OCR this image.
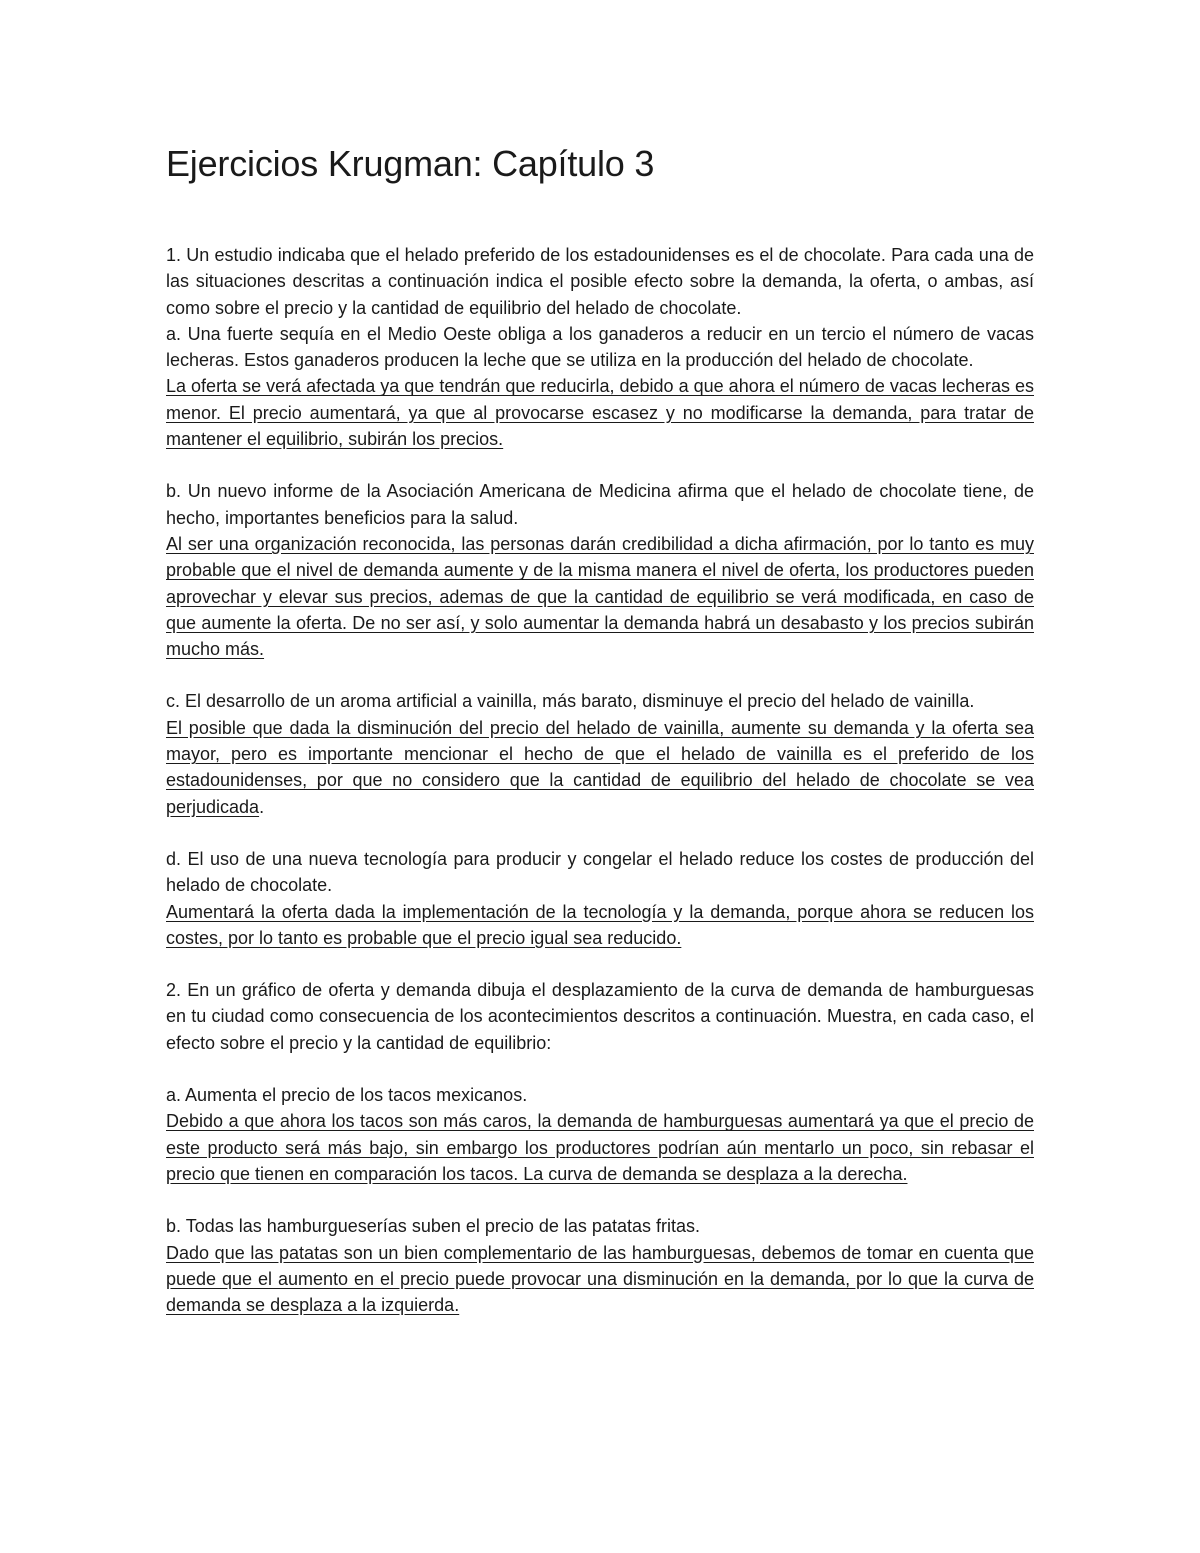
Ejercicios Krugman: Capítulo 3

1. Un estudio indicaba que el helado preferido de los estadounidenses es el de chocolate. Para cada una de las situaciones descritas a continuación indica el posible efecto sobre la demanda, la oferta, o ambas, así como sobre el precio y la cantidad de equilibrio del helado de chocolate.

a. Una fuerte sequía en el Medio Oeste obliga a los ganaderos a reducir en un tercio el número de vacas lecheras. Estos ganaderos producen la leche que se utiliza en la producción del helado de chocolate.

La oferta se verá afectada ya que tendrán que reducirla, debido a que ahora el número de vacas lecheras es menor. El precio aumentará, ya que al provocarse escasez y no modificarse la demanda, para tratar de mantener el equilibrio, subirán los precios.

b. Un nuevo informe de la Asociación Americana de Medicina afirma que el helado de chocolate tiene, de hecho, importantes beneficios para la salud.

Al ser una organización reconocida, las personas darán credibilidad a dicha afirmación, por lo tanto es muy probable que el nivel de demanda aumente y de la misma manera el nivel de oferta, los productores pueden aprovechar y elevar sus precios, ademas de que la cantidad de equilibrio se verá modificada, en caso de que aumente la oferta. De no ser así, y solo aumentar la demanda habrá un desabasto y los precios subirán mucho más.

c. El desarrollo de un aroma artificial a vainilla, más barato, disminuye el precio del helado de vainilla.

El posible que dada la disminución del precio del helado de vainilla, aumente su demanda y la oferta sea mayor, pero es importante mencionar el hecho de que el helado de vainilla es el preferido de los estadounidenses, por que no considero que la cantidad de equilibrio del helado de chocolate se vea perjudicada.

d. El uso de una nueva tecnología para producir y congelar el helado reduce los costes de producción del helado de chocolate.

Aumentará la oferta dada la implementación de la tecnología y la demanda, porque ahora se reducen los costes, por lo tanto es probable que el precio igual sea reducido.

2. En un gráfico de oferta y demanda dibuja el desplazamiento de la curva de demanda de hamburguesas en tu ciudad como consecuencia de los acontecimientos descritos a continuación. Muestra, en cada caso, el efecto sobre el precio y la cantidad de equilibrio:

a. Aumenta el precio de los tacos mexicanos.

Debido a que ahora los tacos son más caros, la demanda de hamburguesas aumentará ya que el precio de este producto será más bajo, sin embargo los productores podrían aún mentarlo un poco, sin rebasar el precio que tienen en comparación los tacos. La curva de demanda se desplaza a la derecha.

b. Todas las hamburgueserías suben el precio de las patatas fritas.

Dado que las patatas son un bien complementario de las hamburguesas, debemos de tomar en cuenta que puede que el aumento en el precio puede provocar una disminución en la demanda, por lo que la curva de demanda se desplaza a la izquierda.
